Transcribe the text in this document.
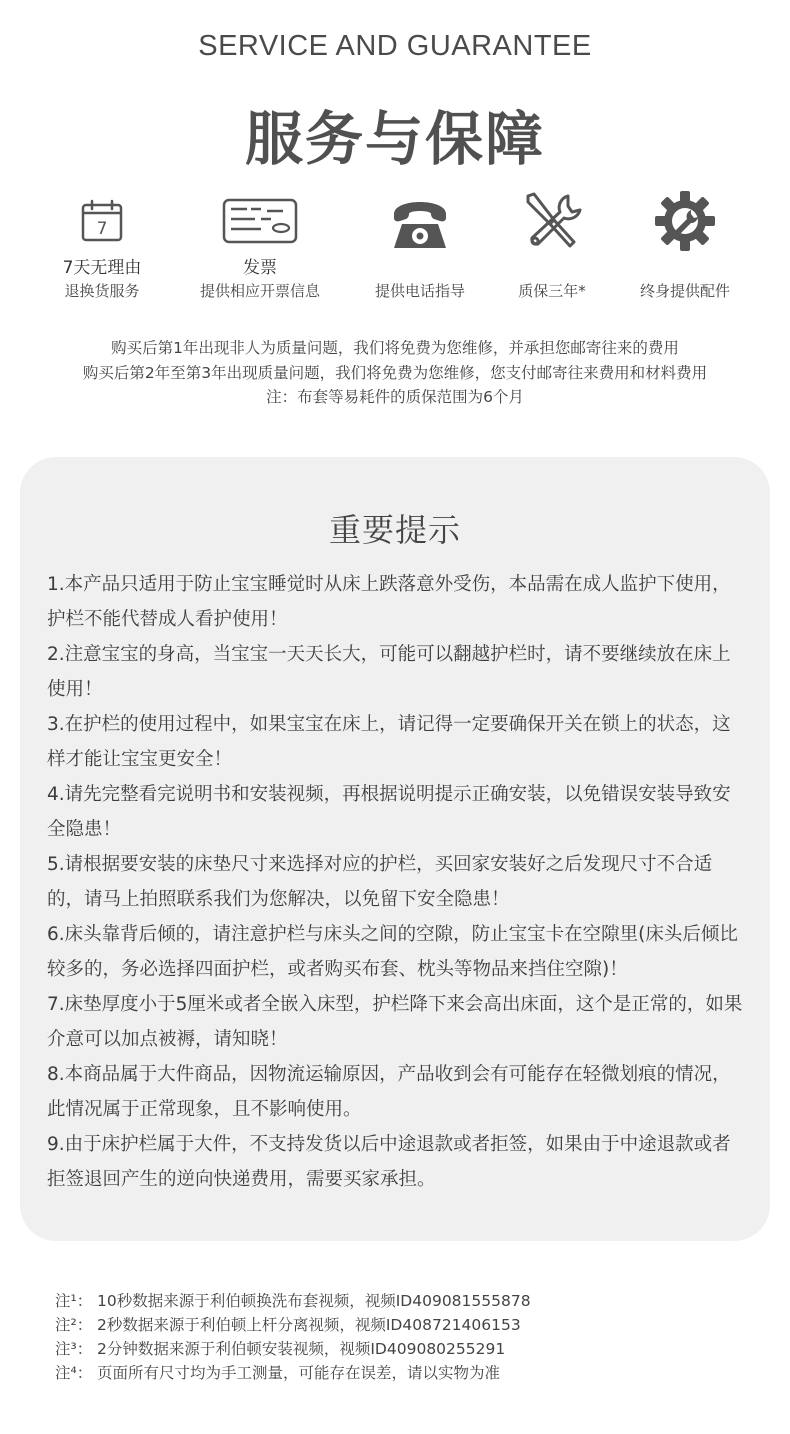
SERVICE AND GUARANTEE
服务与保障
7
7天无理由
退换货服务
发票
提供相应开票信息	提供电话指导	质保三年*	终身提供配件
购买后第1年出现非人为质量问题，我们将免费为您维修，并承担您邮寄往来的费用
购买后第2年至第3年出现质量问题，我们将免费为您维修，您支付邮寄往来费用和材料费用
注：布套等易耗件的质保范围为6个月
重要提示
1.本产品只适用于防止宝宝睡觉时从床上跌落意外受伤，本品需在成人监护下使用，护栏不能代替成人看护使用！
2.注意宝宝的身高，当宝宝一天天长大，可能可以翻越护栏时，请不要继续放在床上使用！
3.在护栏的使用过程中，如果宝宝在床上，请记得一定要确保开关在锁上的状态，这样才能让宝宝更安全！
4.请先完整看完说明书和安装视频，再根据说明提示正确安装，以免错误安装导致安全隐患！
5.请根据要安装的床垫尺寸来选择对应的护栏，买回家安装好之后发现尺寸不合适的，请马上拍照联系我们为您解决，以免留下安全隐患！
6.床头靠背后倾的，请注意护栏与床头之间的空隙，防止宝宝卡在空隙里(床头后倾比较多的，务必选择四面护栏，或者购买布套、枕头等物品来挡住空隙)！
7.床垫厚度小于5厘米或者全嵌入床型，护栏降下来会高出床面，这个是正常的，如果介意可以加点被褥，请知晓！
8.本商品属于大件商品，因物流运输原因，产品收到会有可能存在轻微划痕的情况，此情况属于正常现象，且不影响使用。
9.由于床护栏属于大件，不支持发货以后中途退款或者拒签，如果由于中途退款或者拒签退回产生的逆向快递费用，需要买家承担。
注¹： 10秒数据来源于利伯顿换洗布套视频，视频ID409081555878
注²： 2秒数据来源于利伯顿上杆分离视频，视频ID408721406153
注³： 2分钟数据来源于利伯顿安装视频，视频ID409080255291
注⁴： 页面所有尺寸均为手工测量，可能存在误差，请以实物为准
